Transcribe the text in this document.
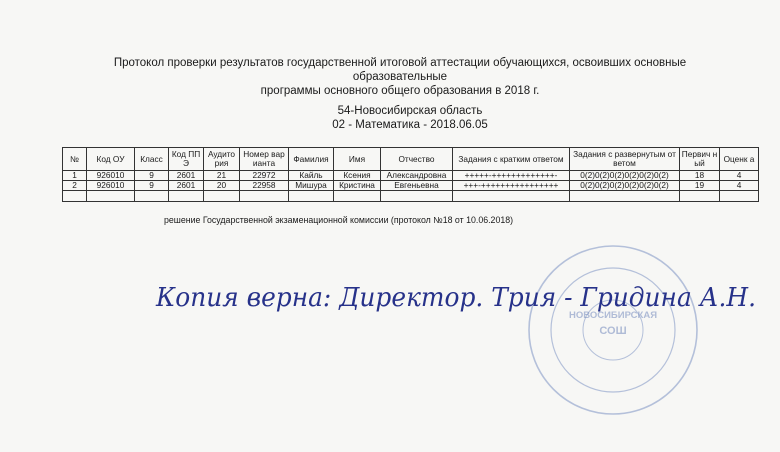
Протокол проверки результатов государственной итоговой аттестации обучающихся, освоивших основные
образовательные
программы основного общего образования в 2018 г.
54-Новосибирская область
02 - Математика - 2018.06.05
№	Код ОУ	Класс	Код ППЭ	Аудито рия	Номер варианта	Фамилия	Имя	Отчество	Задания с кратким ответом	Задания с развернутым ответом	Первич ный	Оценк а
1	926010	9	2601	21	22972	Кайль	Ксения	Александровна	+++++-+++++++++++++-	0(2)0(2)0(2)0(2)0(2)0(2)	18	4
2	926010	9	2601	20	22958	Мишура	Кристина	Евгеньевна	+++-++++++++++++++++	0(2)0(2)0(2)0(2)0(2)0(2)	19	4

решение Государственной экзаменационной комиссии (протокол №18 от 10.06.2018)
НОВОСИБИРСКАЯ
СОШ
Копия верна: Директор. Трия - Гридина А.Н.
